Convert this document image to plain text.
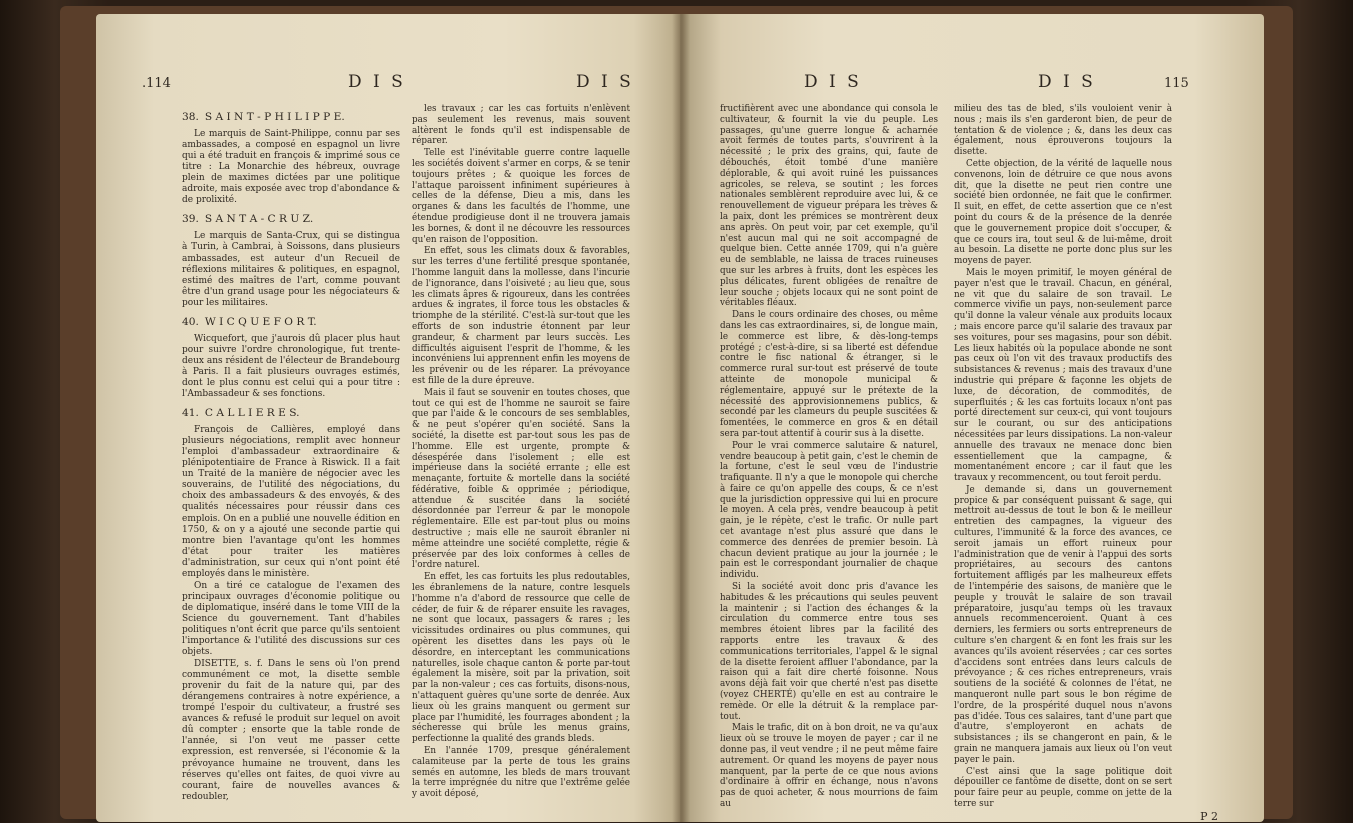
.114	D I S	D I S

38. S A I N T - P H I L I P P E.

Le marquis de Saint-Philippe, connu par ses ambassades, a composé en espagnol un livre qui a été traduit en françois & imprimé sous ce titre : La Monarchie des hébreux, ouvrage plein de maximes dictées par une politique adroite, mais exposée avec trop d'abondance & de prolixité.

39. S A N T A - C R U Z.

Le marquis de Santa-Crux, qui se distingua à Turin, à Cambrai, à Soissons, dans plusieurs ambassades, est auteur d'un Recueil de réflexions militaires & politiques, en espagnol, estimé des maîtres de l'art, comme pouvant être d'un grand usage pour les négociateurs & pour les militaires.

40. W I C Q U E F O R T.

Wicquefort, que j'aurois dû placer plus haut pour suivre l'ordre chronologique, fut trente-deux ans résident de l'électeur de Brandebourg à Paris. Il a fait plusieurs ouvrages estimés, dont le plus connu est celui qui a pour titre : l'Ambassadeur & ses fonctions.

41. C A L L I E R E S.

François de Callières, employé dans plusieurs négociations, remplit avec honneur l'emploi d'ambassadeur extraordinaire & plénipotentiaire de France à Riswick. Il a fait un Traité de la manière de négocier avec les souverains, de l'utilité des négociations, du choix des ambassadeurs & des envoyés, & des qualités nécessaires pour réussir dans ces emplois. On en a publié une nouvelle édition en 1750, & on y a ajouté une seconde partie qui montre bien l'avantage qu'ont les hommes d'état pour traiter les matières d'administration, sur ceux qui n'ont point été employés dans le ministère.

On a tiré ce catalogue de l'examen des principaux ouvrages d'économie politique ou de diplomatique, inséré dans le tome VIII de la Science du gouvernement. Tant d'habiles politiques n'ont écrit que parce qu'ils sentoient l'importance & l'utilité des discussions sur ces objets.

DISETTE, s. f. Dans le sens où l'on prend communément ce mot, la disette semble provenir du fait de la nature qui, par des dérangemens contraires à notre expérience, a trompé l'espoir du cultivateur, a frustré ses avances & refusé le produit sur lequel on avoit dû compter ; ensorte que la table ronde de l'année, si l'on veut me passer cette expression, est renversée, si l'économie & la prévoyance humaine ne trouvent, dans les réserves qu'elles ont faites, de quoi vivre au courant, faire de nouvelles avances & redoubler,

les travaux ; car les cas fortuits n'enlèvent pas seulement les revenus, mais souvent altèrent le fonds qu'il est indispensable de réparer.

Telle est l'inévitable guerre contre laquelle les sociétés doivent s'armer en corps, & se tenir toujours prêtes ; & quoique les forces de l'attaque paroissent infiniment supérieures à celles de la défense, Dieu a mis, dans les organes & dans les facultés de l'homme, une étendue prodigieuse dont il ne trouvera jamais les bornes, & dont il ne découvre les ressources qu'en raison de l'opposition.

En effet, sous les climats doux & favorables, sur les terres d'une fertilité presque spontanée, l'homme languit dans la mollesse, dans l'incurie de l'ignorance, dans l'oisiveté ; au lieu que, sous les climats âpres & rigoureux, dans les contrées ardues & ingrates, il force tous les obstacles & triomphe de la stérilité. C'est-là sur-tout que les efforts de son industrie étonnent par leur grandeur, & charment par leurs succès. Les difficultés aiguisent l'esprit de l'homme, & les inconvéniens lui apprennent enfin les moyens de les prévenir ou de les réparer. La prévoyance est fille de la dure épreuve.

Mais il faut se souvenir en toutes choses, que tout ce qui est de l'homme ne sauroit se faire que par l'aide & le concours de ses semblables, & ne peut s'opérer qu'en société. Sans la société, la disette est par-tout sous les pas de l'homme. Elle est urgente, prompte & désespérée dans l'isolement ; elle est impérieuse dans la société errante ; elle est menaçante, fortuite & mortelle dans la société fédérative, foible & opprimée ; périodique, attendue & suscitée dans la société désordonnée par l'erreur & par le monopole réglementaire. Elle est par-tout plus ou moins destructive ; mais elle ne sauroit ébranler ni même atteindre une société complette, régie & préservée par des loix conformes à celles de l'ordre naturel.

En effet, les cas fortuits les plus redoutables, les ébranlemens de la nature, contre lesquels l'homme n'a d'abord de ressource que celle de céder, de fuir & de réparer ensuite les ravages, ne sont que locaux, passagers & rares ; les vicissitudes ordinaires ou plus communes, qui opèrent les disettes dans les pays où le désordre, en interceptant les communications naturelles, isole chaque canton & porte par-tout également la misère, soit par la privation, soit par la non-valeur ; ces cas fortuits, disons-nous, n'attaquent guères qu'une sorte de denrée. Aux lieux où les grains manquent ou germent sur place par l'humidité, les fourrages abondent ; la sécheresse qui brûle les menus grains, perfectionne la qualité des grands bleds.

En l'année 1709, presque généralement calamiteuse par la perte de tous les grains semés en automne, les bleds de mars trouvant la terre imprégnée du nitre que l'extrême gelée y avoit déposé,

D I S	D I S	115

fructifièrent avec une abondance qui consola le cultivateur, & fournit la vie du peuple. Les passages, qu'une guerre longue & acharnée avoit fermés de toutes parts, s'ouvrirent à la nécessité ; le prix des grains, qui, faute de débouchés, étoit tombé d'une manière déplorable, & qui avoit ruiné les puissances agricoles, se releva, se soutint ; les forces nationales semblèrent reproduire avec lui, & ce renouvellement de vigueur prépara les trèves & la paix, dont les prémices se montrèrent deux ans après. On peut voir, par cet exemple, qu'il n'est aucun mal qui ne soit accompagné de quelque bien. Cette année 1709, qui n'a guère eu de semblable, ne laissa de traces ruineuses que sur les arbres à fruits, dont les espèces les plus délicates, furent obligées de renaître de leur souche ; objets locaux qui ne sont point de véritables fléaux.

Dans le cours ordinaire des choses, ou même dans les cas extraordinaires, si, de longue main, le commerce est libre, & dès-long-temps protégé ; c'est-à-dire, si sa liberté est défendue contre le fisc national & étranger, si le commerce rural sur-tout est préservé de toute atteinte de monopole municipal & réglementaire, appuyé sur le prétexte de la nécessité des approvisionnemens publics, & secondé par les clameurs du peuple suscitées & fomentées, le commerce en gros & en détail sera par-tout attentif à courir sus à la disette.

Pour le vrai commerce salutaire & naturel, vendre beaucoup à petit gain, c'est le chemin de la fortune, c'est le seul vœu de l'industrie trafiquante. Il n'y a que le monopole qui cherche à faire ce qu'on appelle des coups, & ce n'est que la jurisdiction oppressive qui lui en procure le moyen. A cela près, vendre beaucoup à petit gain, je le répète, c'est le trafic. Or nulle part cet avantage n'est plus assuré que dans le commerce des denrées de premier besoin. Là chacun devient pratique au jour la journée ; le pain est le correspondant journalier de chaque individu.

Si la société avoit donc pris d'avance les habitudes & les précautions qui seules peuvent la maintenir ; si l'action des échanges & la circulation du commerce entre tous ses membres étoient libres par la facilité des rapports entre les travaux & des communications territoriales, l'appel & le signal de la disette feroient affluer l'abondance, par la raison qui a fait dire cherté foisonne. Nous avons déjà fait voir que cherté n'est pas disette (voyez CHERTÉ) qu'elle en est au contraire le remède. Or elle la détruit & la remplace par-tout.

Mais le trafic, dit on à bon droit, ne va qu'aux lieux où se trouve le moyen de payer ; car il ne donne pas, il veut vendre ; il ne peut même faire autrement. Or quand les moyens de payer nous manquent, par la perte de ce que nous avions d'ordinaire à offrir en échange, nous n'avons pas de quoi acheter, & nous mourrions de faim au

milieu des tas de bled, s'ils vouloient venir à nous ; mais ils s'en garderont bien, de peur de tentation & de violence ; &, dans les deux cas également, nous éprouverons toujours la disette.

Cette objection, de la vérité de laquelle nous convenons, loin de détruire ce que nous avons dit, que la disette ne peut rien contre une société bien ordonnée, ne fait que le confirmer. Il suit, en effet, de cette assertion que ce n'est point du cours & de la présence de la denrée que le gouvernement propice doit s'occuper, & que ce cours ira, tout seul & de lui-même, droit au besoin. La disette ne porte donc plus sur les moyens de payer.

Mais le moyen primitif, le moyen général de payer n'est que le travail. Chacun, en général, ne vit que du salaire de son travail. Le commerce vivifie un pays, non-seulement parce qu'il donne la valeur vénale aux produits locaux ; mais encore parce qu'il salarie des travaux par ses voitures, pour ses magasins, pour son débit. Les lieux habités où la populace abonde ne sont pas ceux où l'on vit des travaux productifs des subsistances & revenus ; mais des travaux d'une industrie qui prépare & façonne les objets de luxe, de décoration, de commodités, de superfluités ; & les cas fortuits locaux n'ont pas porté directement sur ceux-ci, qui vont toujours sur le courant, ou sur des anticipations nécessitées par leurs dissipations. La non-valeur annuelle des travaux ne menace donc bien essentiellement que la campagne, & momentanément encore ; car il faut que les travaux y recommencent, ou tout feroit perdu.

Je demande si, dans un gouvernement propice & par conséquent puissant & sage, qui mettroit au-dessus de tout le bon & le meilleur entretien des campagnes, la vigueur des cultures, l'immunité & la force des avances, ce seroit jamais un effort ruineux pour l'administration que de venir à l'appui des sorts propriétaires, au secours des cantons fortuitement affligés par les malheureux effets de l'intempérie des saisons, de manière que le peuple y trouvât le salaire de son travail préparatoire, jusqu'au temps où les travaux annuels recommenceroient. Quant à ces derniers, les fermiers ou sorts entrepreneurs de culture s'en chargent & en font les frais sur les avances qu'ils avoient réservées ; car ces sortes d'accidens sont entrées dans leurs calculs de prévoyance ; & ces riches entrepreneurs, vrais soutiens de la société & colonnes de l'état, ne manqueront nulle part sous le bon régime de l'ordre, de la prospérité duquel nous n'avons pas d'idée. Tous ces salaires, tant d'une part que d'autre, s'employeront en achats de subsistances ; ils se changeront en pain, & le grain ne manquera jamais aux lieux où l'on veut payer le pain.

C'est ainsi que la sage politique doit dépouiller ce fantôme de disette, dont on se sert pour faire peur au peuple, comme on jette de la terre sur

P 2
